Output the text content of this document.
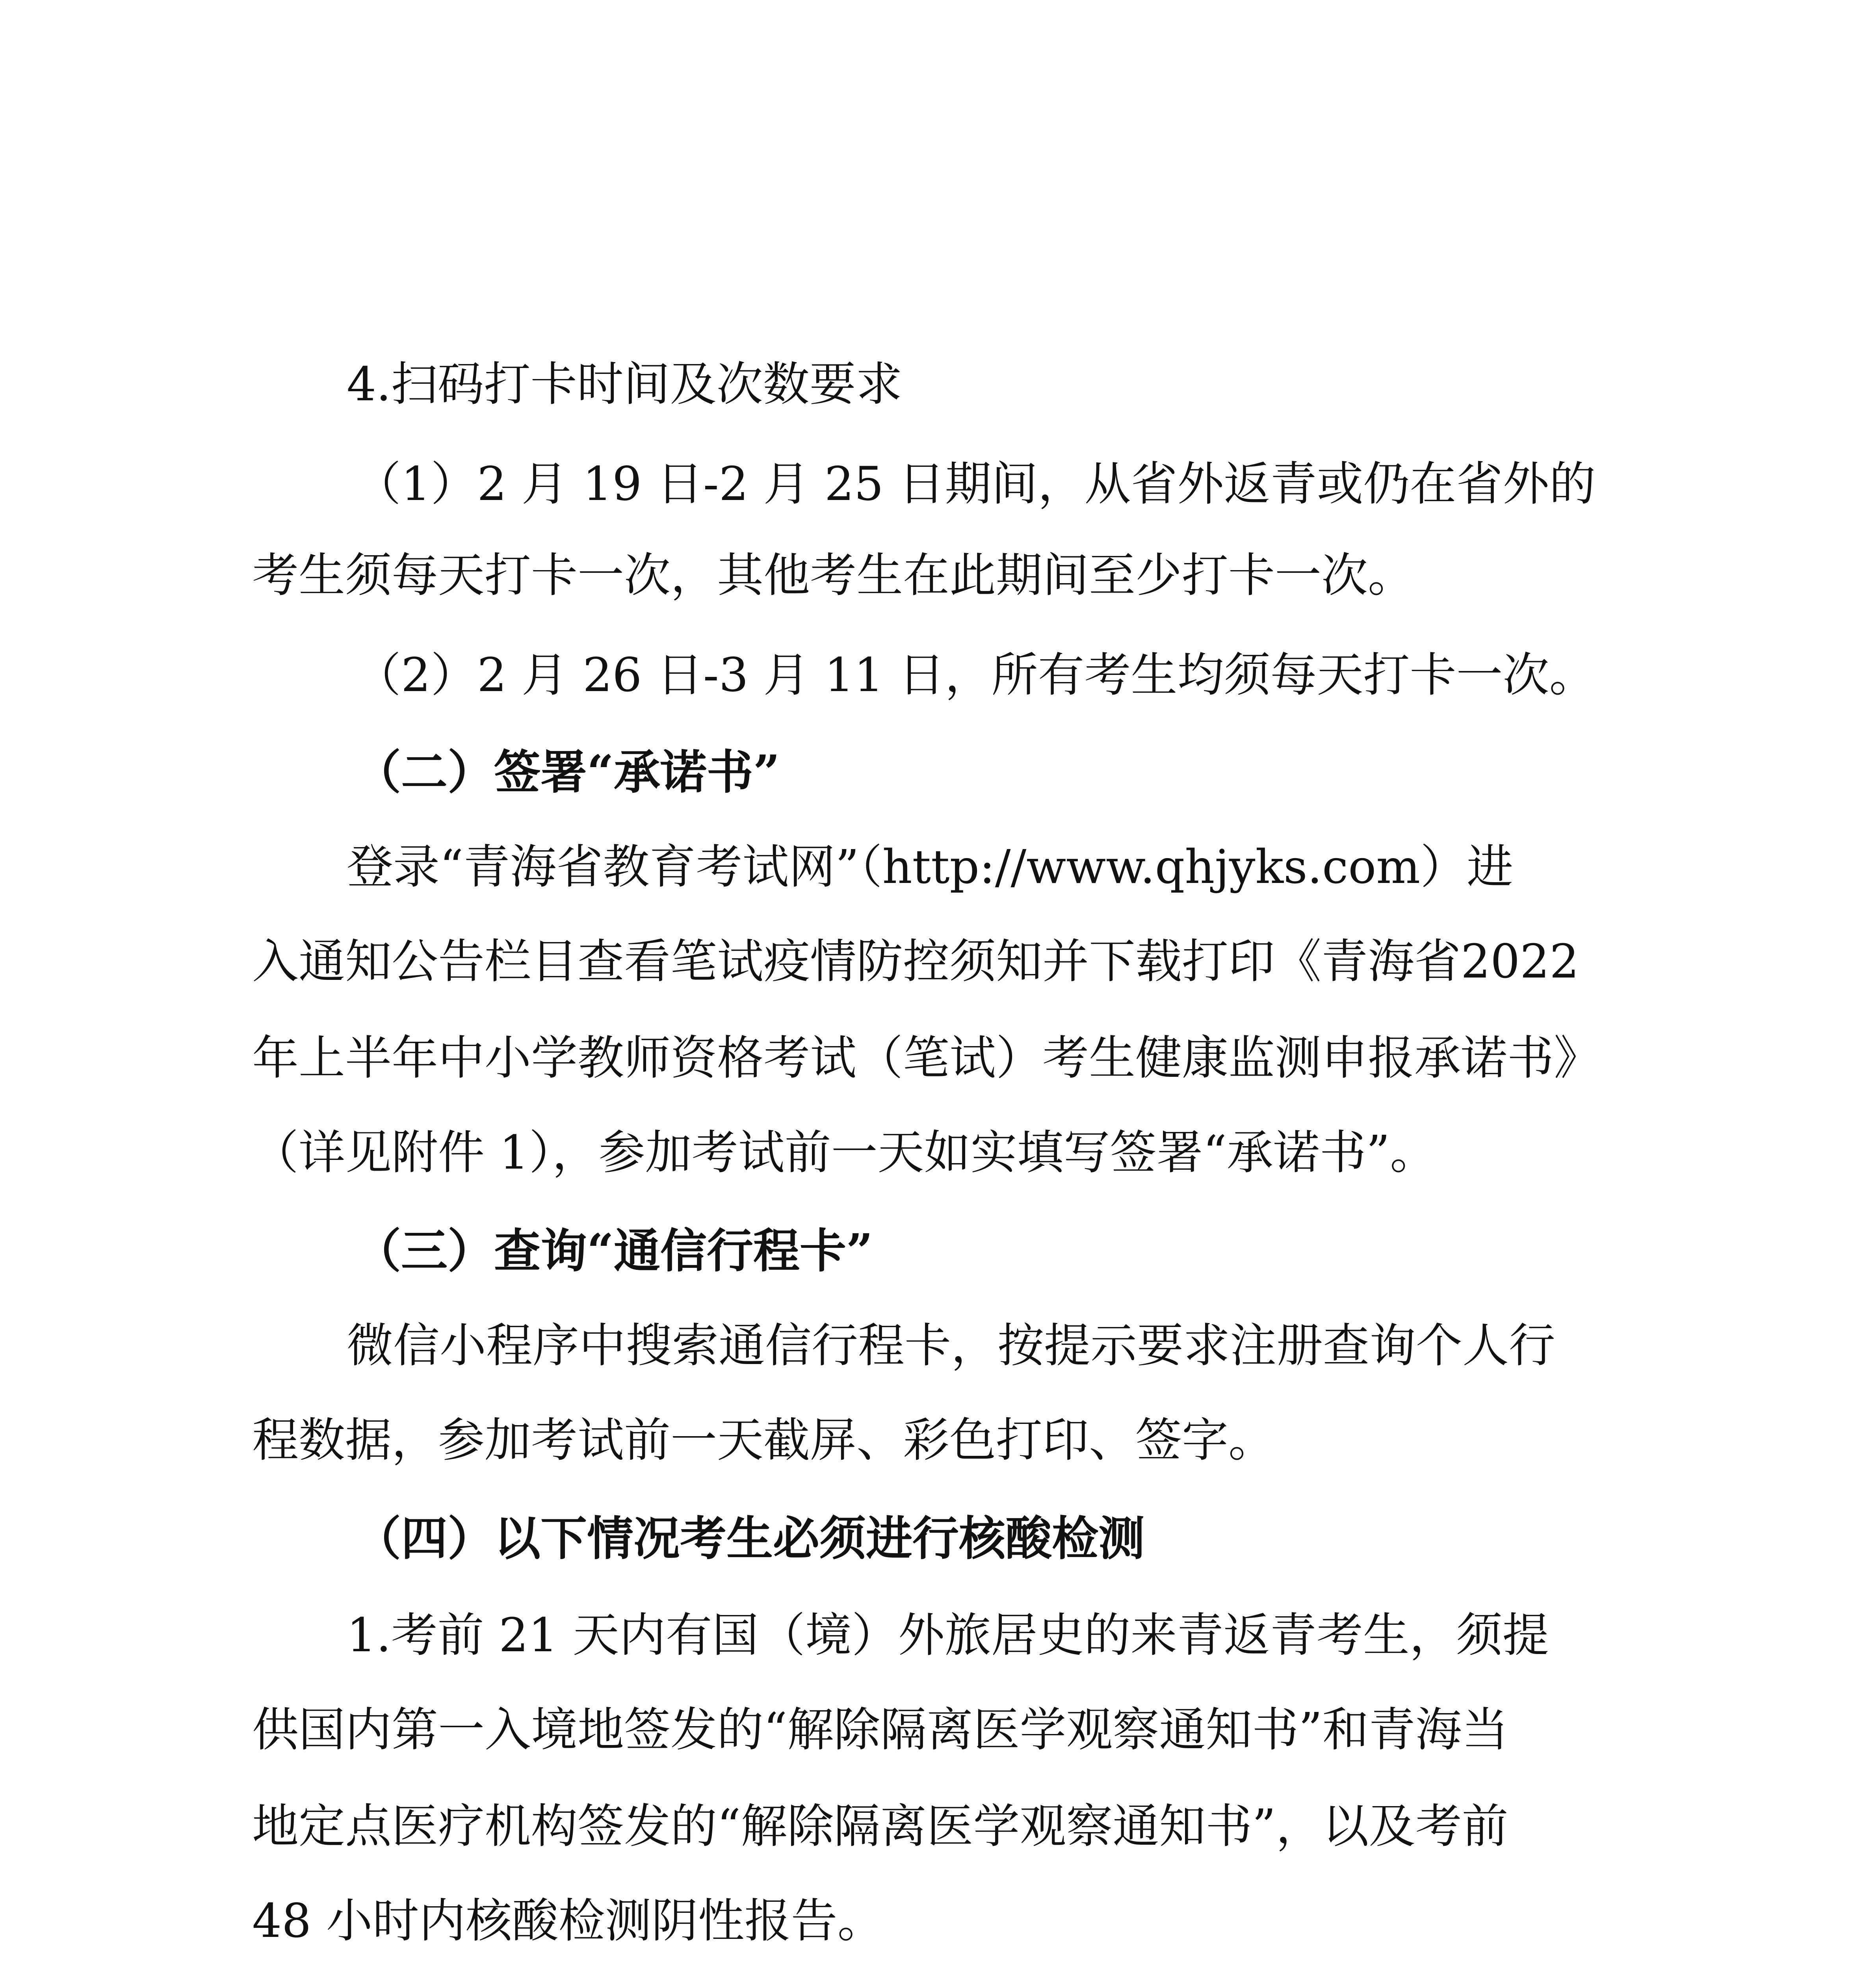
4.扫码打卡时间及次数要求
（1）2 月 19 日-2 月 25 日期间，从省外返青或仍在省外的
考生须每天打卡一次，其他考生在此期间至少打卡一次。
（2）2 月 26 日-3 月 11 日，所有考生均须每天打卡一次。
（二）签署“承诺书”
登录“青海省教育考试网”（http://www.qhjyks.com）进
入通知公告栏目查看笔试疫情防控须知并下载打印《青海省2022
年上半年中小学教师资格考试（笔试）考生健康监测申报承诺书》
（详见附件 1），参加考试前一天如实填写签署“承诺书”。
（三）查询“通信行程卡”
微信小程序中搜索通信行程卡，按提示要求注册查询个人行
程数据，参加考试前一天截屏、彩色打印、签字。
（四）以下情况考生必须进行核酸检测
1.考前 21 天内有国（境）外旅居史的来青返青考生，须提
供国内第一入境地签发的“解除隔离医学观察通知书”和青海当
地定点医疗机构签发的“解除隔离医学观察通知书”，以及考前
48 小时内核酸检测阴性报告。
